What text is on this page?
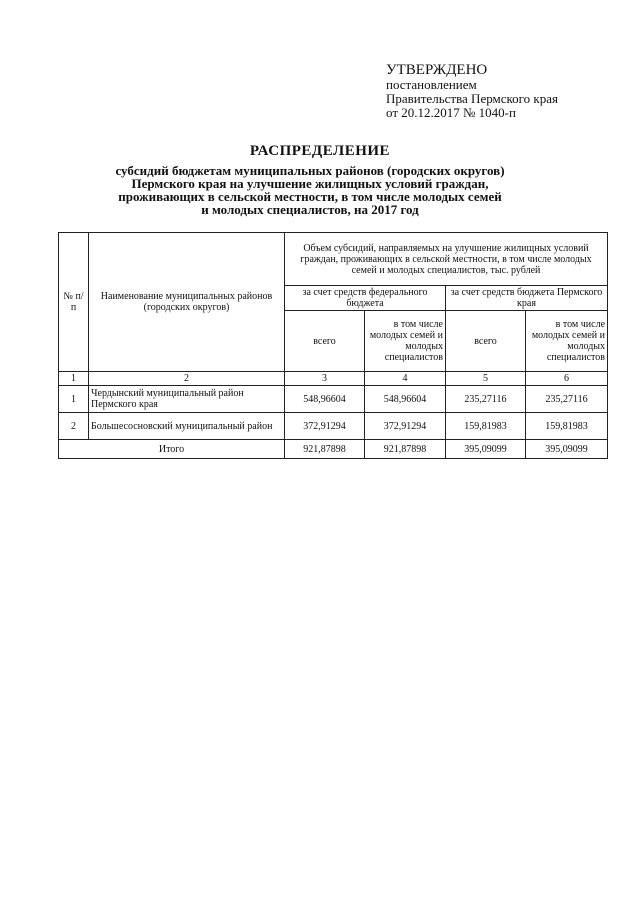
УТВЕРЖДЕНО
постановлением
Правительства Пермского края
от 20.12.2017 № 1040-п
РАСПРЕДЕЛЕНИЕ
субсидий бюджетам муниципальных районов (городских округов)
Пермского края на улучшение жилищных условий граждан,
проживающих в сельской местности, в том числе молодых семей
и молодых специалистов, на 2017 год
№ п/п	Наименование муниципальных районов (городских округов)	Объем субсидий, направляемых на улучшение жилищных условий граждан, проживающих в сельской местности, в том числе молодых семей и молодых специалистов, тыс. рублей			
		за счет средств федерального бюджета		за счет средств бюджета Пермского края	
		всего	в том числе молодых семей и молодых специалистов	всего	в том числе молодых семей и молодых специалистов
1	2	3	4	5	6
1	Чердынский муниципальный район Пермского края	548,96604	548,96604	235,27116	235,27116
2	Большесосновский муниципальный район	372,91294	372,91294	159,81983	159,81983
Итого		921,87898	921,87898	395,09099	395,09099
